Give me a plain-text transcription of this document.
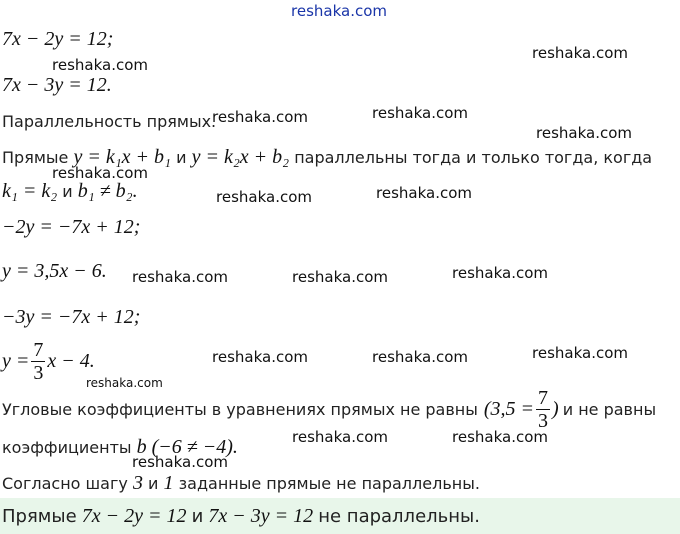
reshaka.com
7x − 2y = 12;
7x − 3y = 12.
Параллельность прямых.
Прямые y = k₁x + b₁ и y = k₂x + b₂ параллельны тогда и только тогда, когда
k₁ = k₂ и b₁ ≠ b₂.
−2y = −7x + 12;
y = 3,5x − 6.
−3y = −7x + 12;
$y = \frac{7}{3}$ x − 4.
Угловые коэффициенты в уравнениях прямых не равны ($3,5 = \frac{7}{3}$ ) и не равны
коэффициенты b (−6 ≠ −4).
Согласно шагу 3 и 1 заданные прямые не параллельны.
Прямые 7x − 2y = 12 и 7x − 3y = 12 не параллельны.
reshaka.com
reshaka.com
reshaka.com	reshaka.com
reshaka.com
reshaka.com
reshaka.com	reshaka.com
reshaka.com	reshaka.com	reshaka.com
reshaka.com	reshaka.com	reshaka.com
reshaka.com
reshaka.com	reshaka.com
reshaka.com
